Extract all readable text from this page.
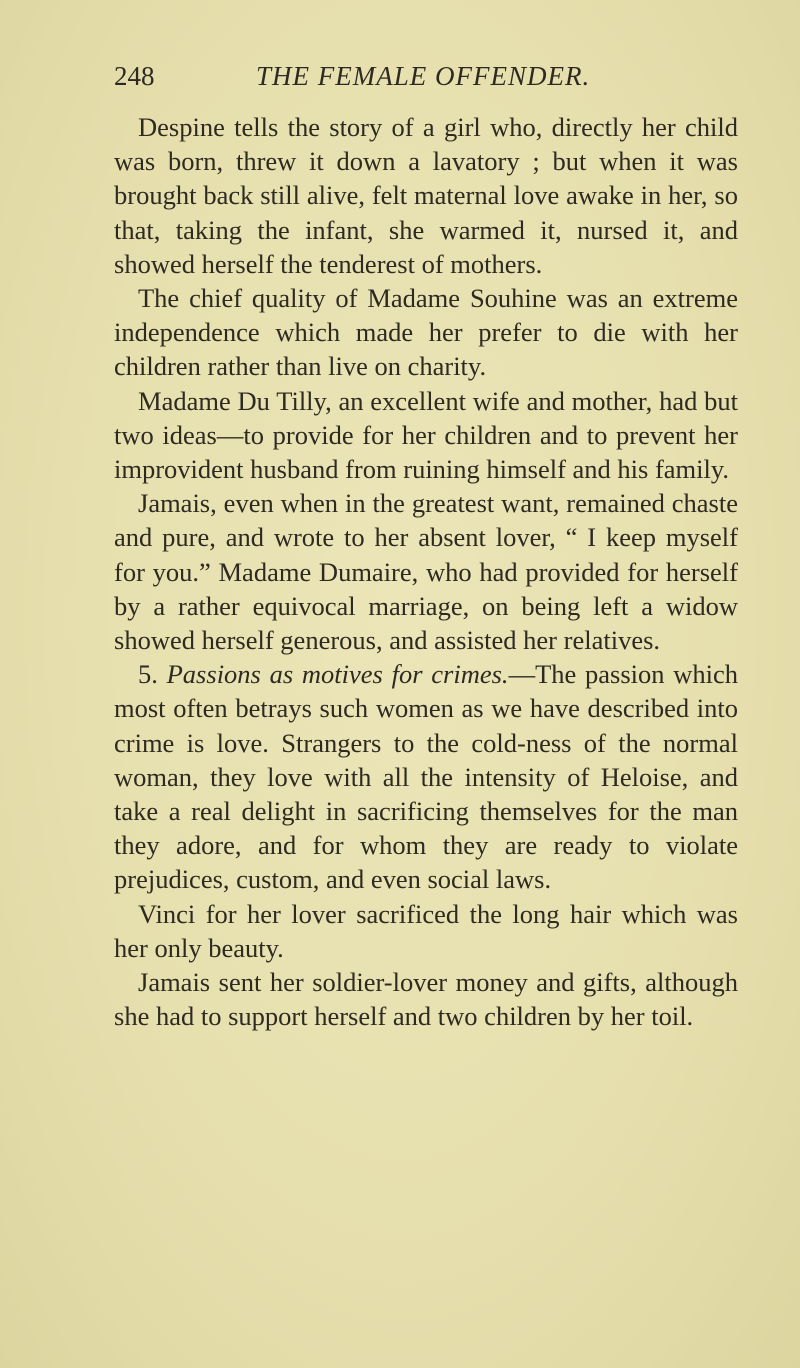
248	THE FEMALE OFFENDER.

Despine tells the story of a girl who, directly her child was born, threw it down a lavatory ; but when it was brought back still alive, felt maternal love awake in her, so that, taking the infant, she warmed it, nursed it, and showed herself the tenderest of mothers.

The chief quality of Madame Souhine was an extreme independence which made her prefer to die with her children rather than live on charity.

Madame Du Tilly, an excellent wife and mother, had but two ideas—to provide for her children and to prevent her improvident husband from ruining himself and his family.

Jamais, even when in the greatest want, remained chaste and pure, and wrote to her absent lover, “ I keep myself for you.” Madame Dumaire, who had provided for herself by a rather equivocal marriage, on being left a widow showed herself generous, and assisted her relatives.

5. Passions as motives for crimes.—The passion which most often betrays such women as we have described into crime is love. Strangers to the cold-ness of the normal woman, they love with all the intensity of Heloise, and take a real delight in sacrificing themselves for the man they adore, and for whom they are ready to violate prejudices, custom, and even social laws.

Vinci for her lover sacrificed the long hair which was her only beauty.

Jamais sent her soldier-lover money and gifts, although she had to support herself and two children by her toil.
